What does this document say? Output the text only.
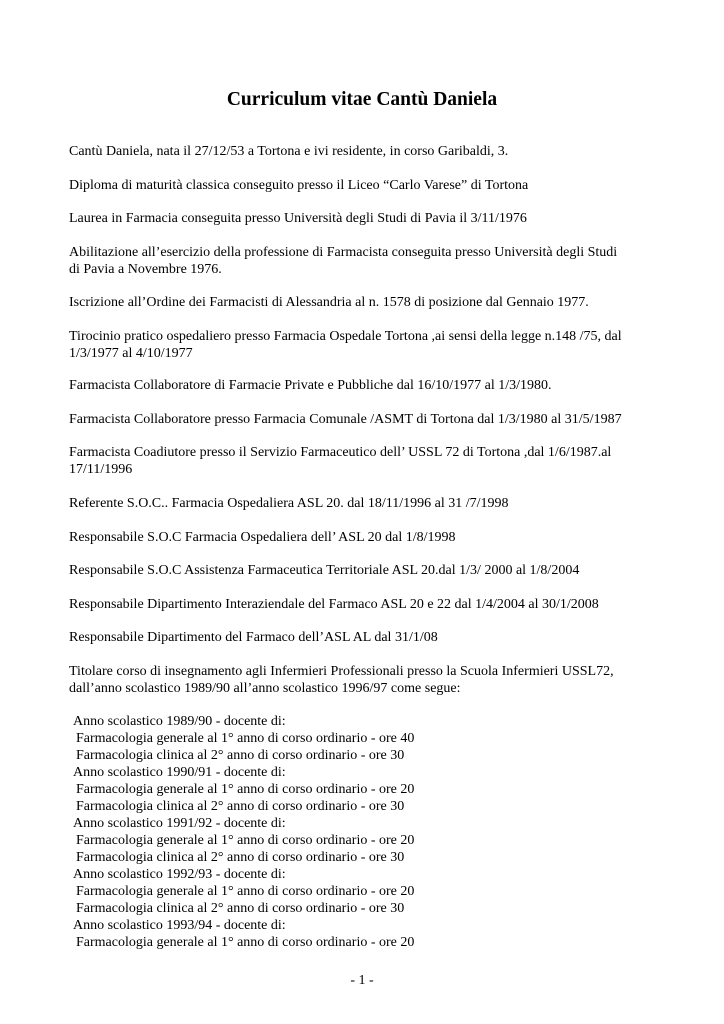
Curriculum vitae Cantù Daniela
Cantù Daniela, nata il 27/12/53 a Tortona e ivi residente, in corso Garibaldi, 3.
Diploma di maturità classica conseguito presso il Liceo “Carlo Varese” di Tortona
Laurea in Farmacia conseguita presso Università degli Studi di Pavia il 3/11/1976
Abilitazione all’esercizio della professione di Farmacista conseguita presso Università degli Studi
di Pavia a Novembre 1976.
Iscrizione all’Ordine dei Farmacisti di Alessandria al n. 1578 di posizione dal Gennaio 1977.
Tirocinio pratico ospedaliero presso Farmacia Ospedale Tortona ,ai sensi della legge n.148 /75, dal
1/3/1977 al 4/10/1977
Farmacista Collaboratore di Farmacie Private e Pubbliche dal 16/10/1977 al 1/3/1980.
Farmacista Collaboratore presso Farmacia Comunale /ASMT di Tortona dal 1/3/1980 al 31/5/1987
Farmacista Coadiutore presso il Servizio Farmaceutico dell’ USSL 72 di Tortona ,dal 1/6/1987.al
17/11/1996
Referente S.O.C.. Farmacia Ospedaliera ASL 20. dal 18/11/1996 al 31 /7/1998
Responsabile S.O.C Farmacia Ospedaliera dell’ ASL 20 dal 1/8/1998
Responsabile S.O.C Assistenza Farmaceutica Territoriale ASL 20.dal 1/3/ 2000 al 1/8/2004
Responsabile Dipartimento Interaziendale del Farmaco ASL 20 e 22 dal 1/4/2004 al 30/1/2008
Responsabile Dipartimento del Farmaco dell’ASL AL dal 31/1/08
Titolare corso di insegnamento agli Infermieri Professionali presso la Scuola Infermieri USSL72,
dall’anno scolastico 1989/90 all’anno scolastico 1996/97 come segue:
Anno scolastico 1989/90 - docente di:
Farmacologia generale al 1° anno di corso ordinario - ore 40
Farmacologia clinica al 2° anno di corso ordinario - ore 30
Anno scolastico 1990/91 - docente di:
Farmacologia generale al 1° anno di corso ordinario - ore 20
Farmacologia clinica al 2° anno di corso ordinario - ore 30
Anno scolastico 1991/92 - docente di:
Farmacologia generale al 1° anno di corso ordinario - ore 20
Farmacologia clinica al 2° anno di corso ordinario - ore 30
Anno scolastico 1992/93 - docente di:
Farmacologia generale al 1° anno di corso ordinario - ore 20
Farmacologia clinica al 2° anno di corso ordinario - ore 30
Anno scolastico 1993/94 - docente di:
Farmacologia generale al 1° anno di corso ordinario - ore 20
- 1 -
